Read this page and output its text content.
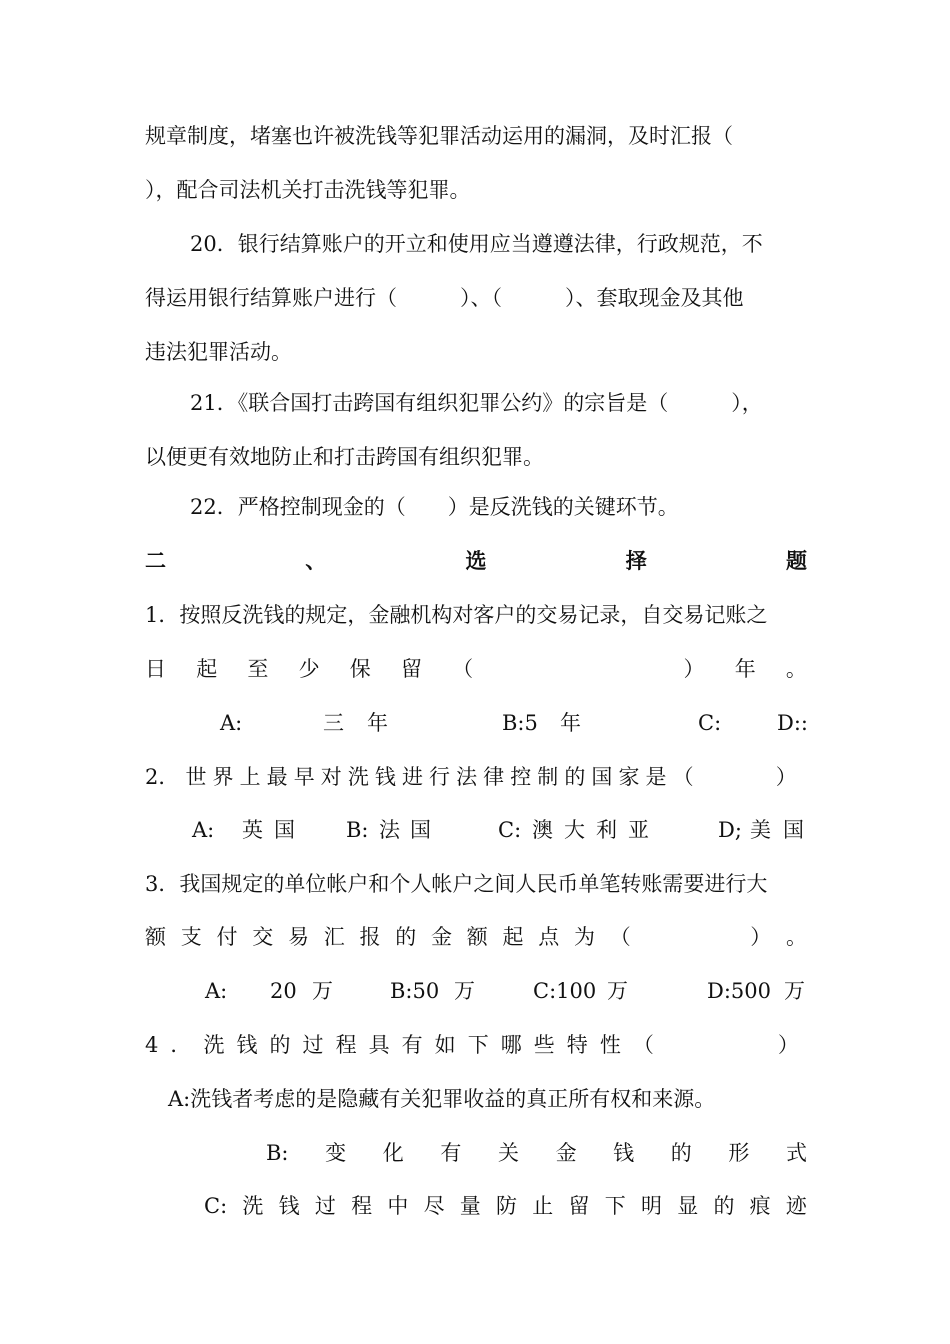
规章制度，堵塞也许被洗钱等犯罪活动运用的漏洞，及时汇报（
），配合司法机关打击洗钱等犯罪。
20．银行结算账户的开立和使用应当遵遵法律，行政规范，不
得运用银行结算账户进行（　　　）、（　　　）、套取现金及其他
违法犯罪活动。
21．《联合国打击跨国有组织犯罪公约》的宗旨是（　　　），
以便更有效地防止和打击跨国有组织犯罪。
22．严格控制现金的（　　）是反洗钱的关键环节。
二	、	选	择	题
1．按照反洗钱的规定，金融机构对客户的交易记录，自交易记账之
日 起 至 少 保 留 （	） 年 。
A:	三 年	B:5 年	C:	D::
2． 世 界 上 最 早 对 洗 钱 进 行 法 律 控 制 的 国 家 是 （	）
A: 英 国 B: 法 国	C: 澳 大 利 亚	D; 美 国
3．我国规定的单位帐户和个人帐户之间人民币单笔转账需要进行大
额 支 付 交 易 汇 报 的 金 额 起 点 为 （	） 。
A: 20 万	B:50 万	C:100 万	D:500 万
4 ． 洗 钱 的 过 程 具 有 如 下 哪 些 特 性 （	）
A:洗钱者考虑的是隐藏有关犯罪收益的真正所有权和来源。
B: 变 化 有 关 金 钱 的 形 式
C: 洗 钱 过 程 中 尽 量 防 止 留 下 明 显 的 痕 迹
